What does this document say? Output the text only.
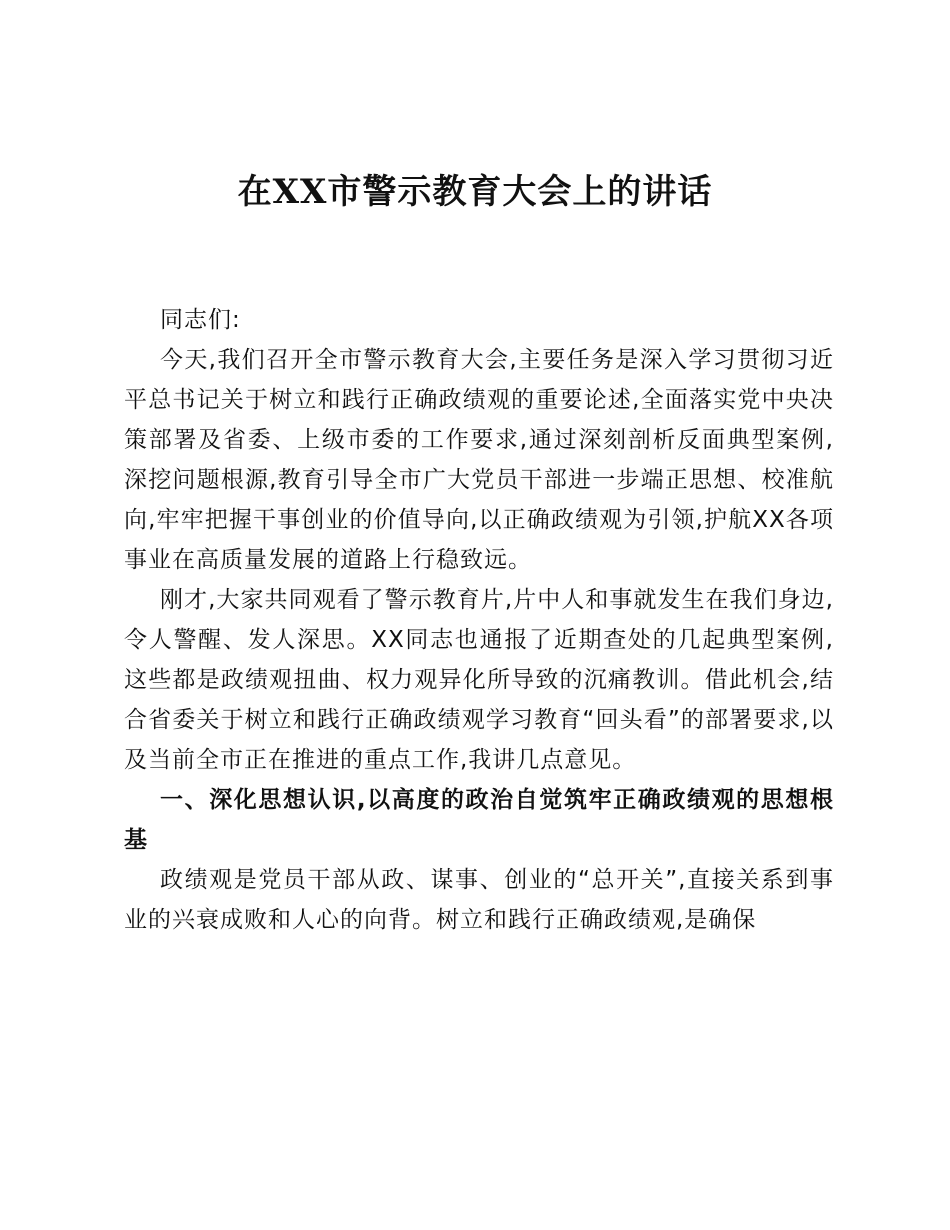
在XX市警示教育大会上的讲话

同志们:

今天,我们召开全市警示教育大会,主要任务是深入学习贯彻习近平总书记关于树立和践行正确政绩观的重要论述,全面落实党中央决策部署及省委、上级市委的工作要求,通过深刻剖析反面典型案例,深挖问题根源,教育引导全市广大党员干部进一步端正思想、校准航向,牢牢把握干事创业的价值导向,以正确政绩观为引领,护航XX各项事业在高质量发展的道路上行稳致远。

刚才,大家共同观看了警示教育片,片中人和事就发生在我们身边,令人警醒、发人深思。XX同志也通报了近期查处的几起典型案例,这些都是政绩观扭曲、权力观异化所导致的沉痛教训。借此机会,结合省委关于树立和践行正确政绩观学习教育“回头看”的部署要求,以及当前全市正在推进的重点工作,我讲几点意见。

一、深化思想认识,以高度的政治自觉筑牢正确政绩观的思想根基

政绩观是党员干部从政、谋事、创业的“总开关”,直接关系到事业的兴衰成败和人心的向背。树立和践行正确政绩观,是确保
